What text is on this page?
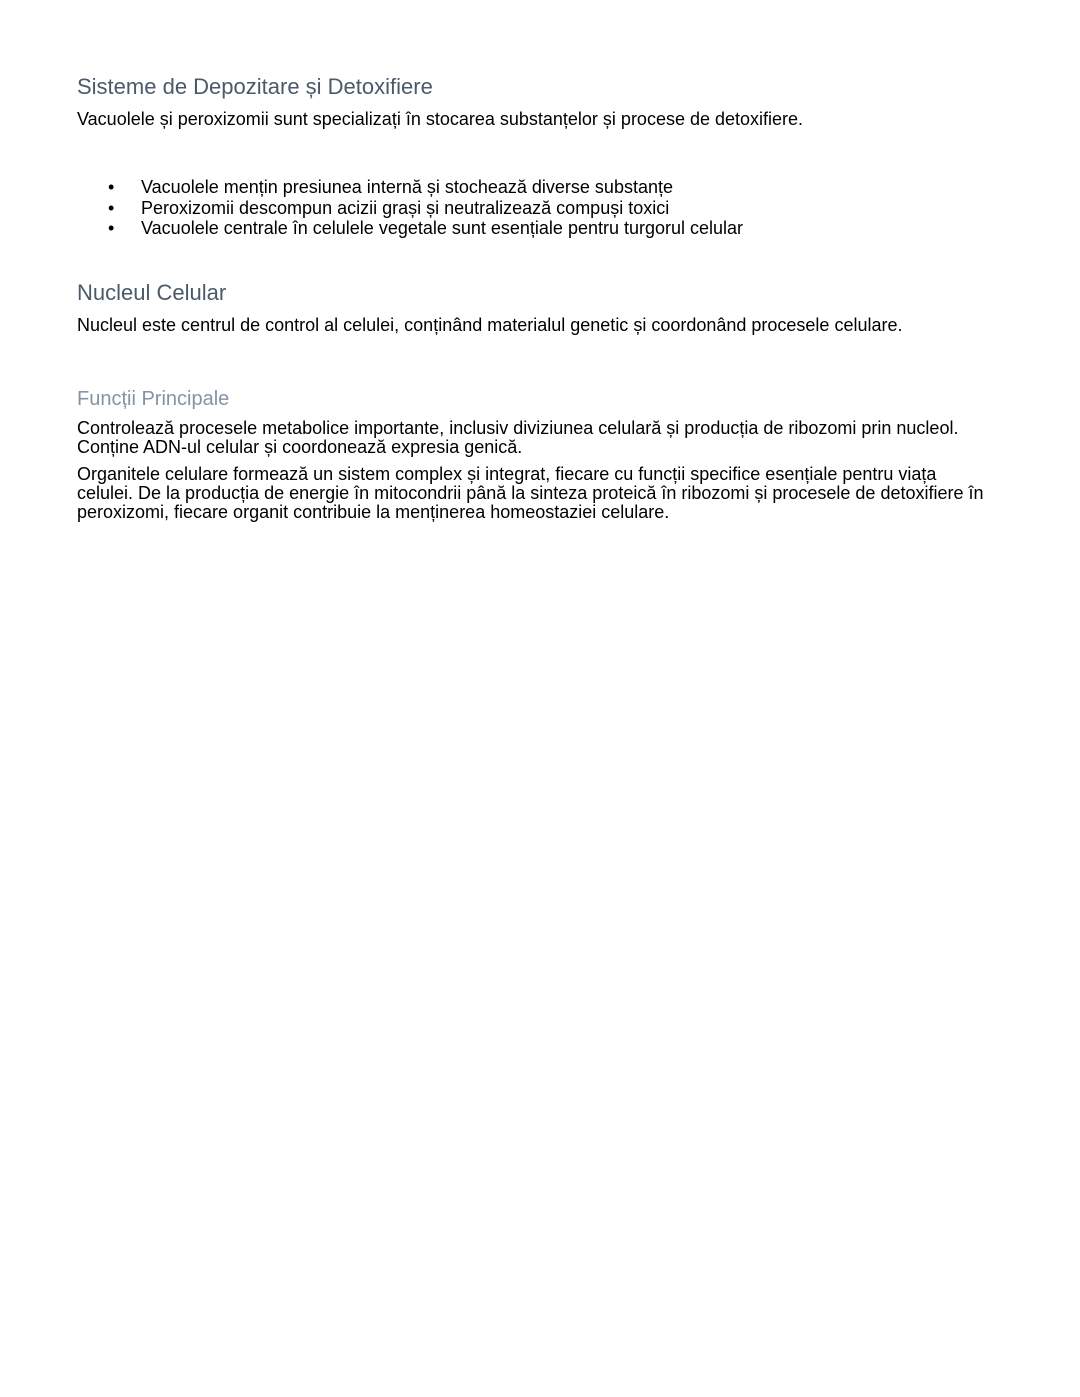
Sisteme de Depozitare și Detoxifiere

Vacuolele și peroxizomii sunt specializați în stocarea substanțelor și procese de detoxifiere.

• Vacuolele mențin presiunea internă și stochează diverse substanțe
• Peroxizomii descompun acizii grași și neutralizează compuși toxici
• Vacuolele centrale în celulele vegetale sunt esențiale pentru turgorul celular
Nucleul Celular

Nucleul este centrul de control al celulei, conținând materialul genetic și coordonând procesele celulare.

Funcții Principale

Controlează procesele metabolice importante, inclusiv diviziunea celulară și producția de ribozomi prin nucleol. Conține ADN-ul celular și coordonează expresia genică.

Organitele celulare formează un sistem complex și integrat, fiecare cu funcții specifice esențiale pentru viața celulei. De la producția de energie în mitocondrii până la sinteza proteică în ribozomi și procesele de detoxifiere în peroxizomi, fiecare organit contribuie la menținerea homeostaziei celulare.
